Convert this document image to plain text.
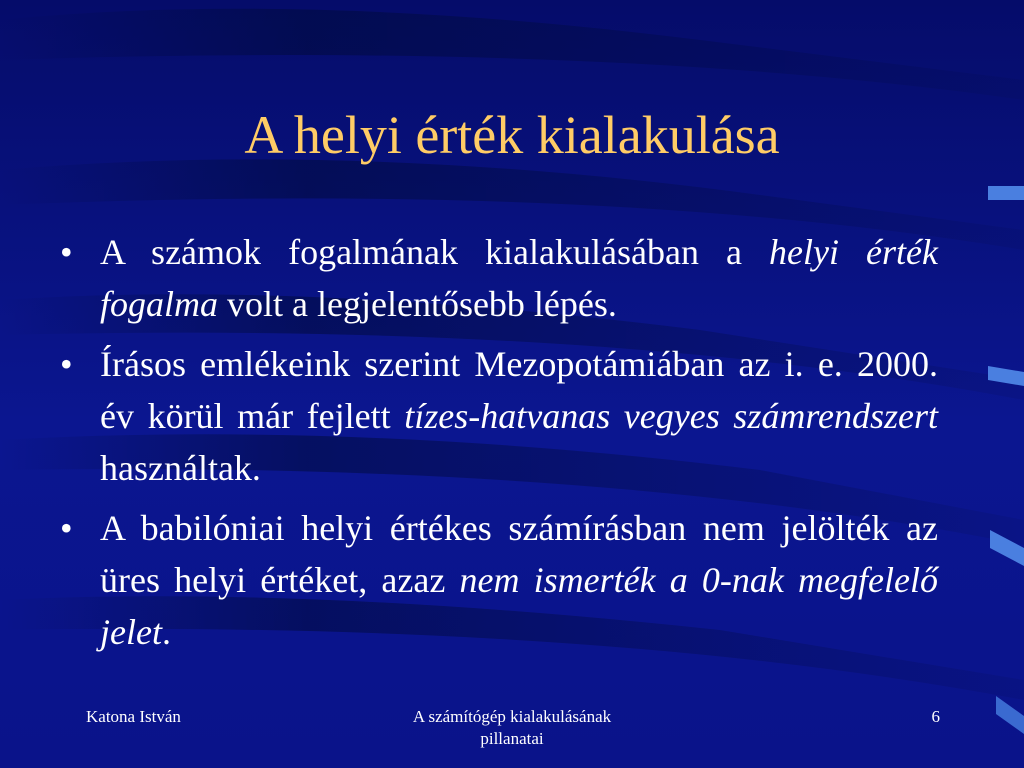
A helyi érték kialakulása
• A számok fogalmának kialakulásában a helyi érték fogalma volt a legjelentősebb lépés.
• Írásos emlékeink szerint Mezopotámiában az i. e. 2000. év körül már fejlett tízes-hatvanas vegyes számrendszert használtak.
• A babilóniai helyi értékes számírásban nem jelölték az üres helyi értéket, azaz nem ismerték a 0-nak megfelelő jelet.
Katona István	A számítógép kialakulásának
pillanatai
6
